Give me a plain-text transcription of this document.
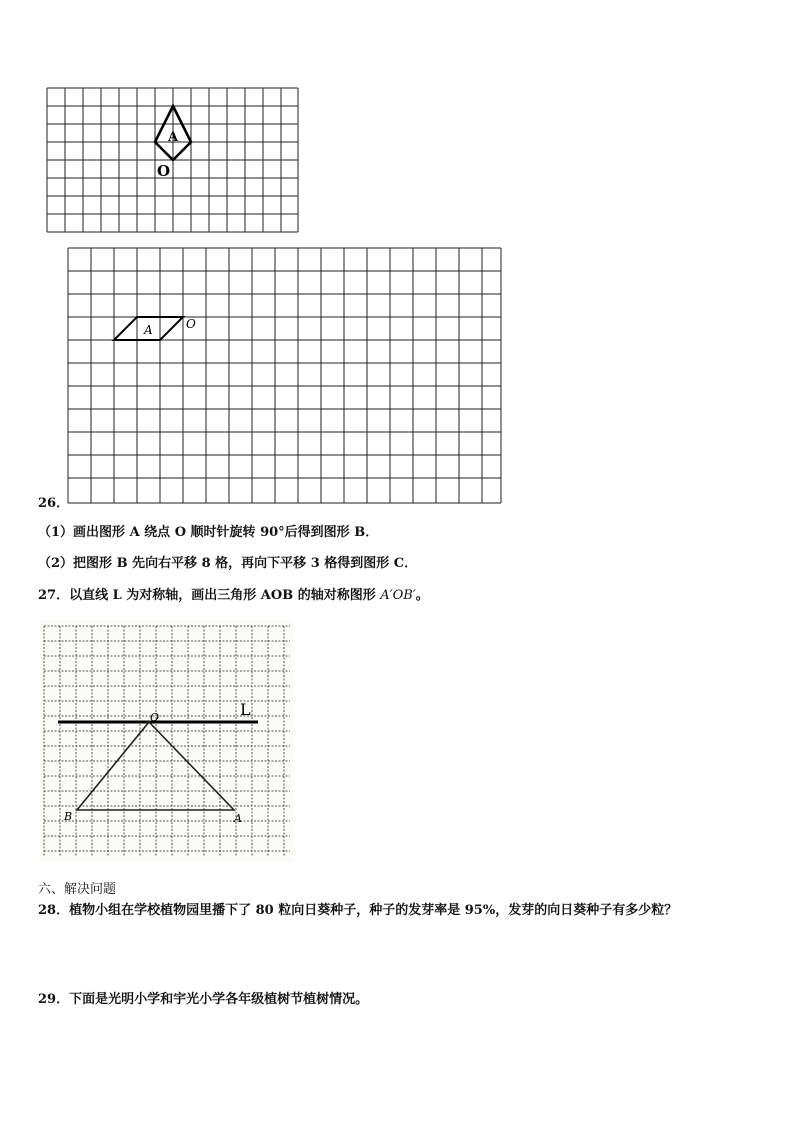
A
O
26．
A	O
（1）画出图形 A 绕点 O 顺时针旋转 90°后得到图形 B．
（2）把图形 B 先向右平移 8 格，再向下平移 3 格得到图形 C．
27．以直线 L 为对称轴，画出三角形 AOB 的轴对称图形 A′OB′。
L
O
A
B
六、解决问题
28．植物小组在学校植物园里播下了 80 粒向日葵种子，种子的发芽率是 95%，发芽的向日葵种子有多少粒？
29．下面是光明小学和宇光小学各年级植树节植树情况。
